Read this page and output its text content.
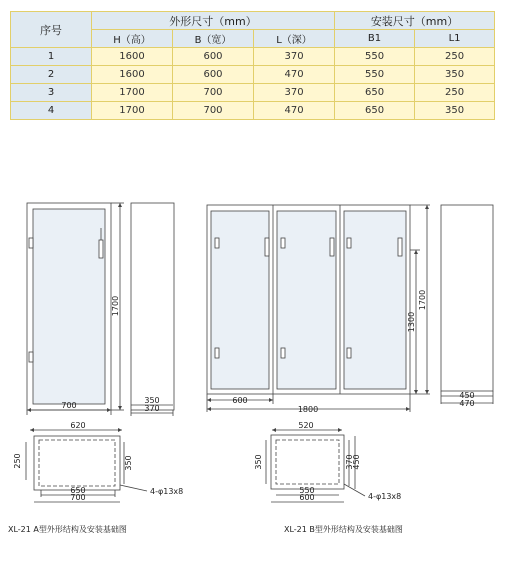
序号	外形尺寸（mm）			安装尺寸（mm）	
	H（高）	B（宽）	L（深）	B1	L1
1	1600	600	370	550	250
2	1600	600	470	550	350
3	1700	700	370	650	250
4	1700	700	470	650	350
1700
700
350
370
620
250	350
650
700
4-φ13x8
1700
1300
600
1800
450
470
520
350	370
450
550
600	4-φ13x8
XL-21 A型外形结构及安装基础图	XL-21 B型外形结构及安装基础图
